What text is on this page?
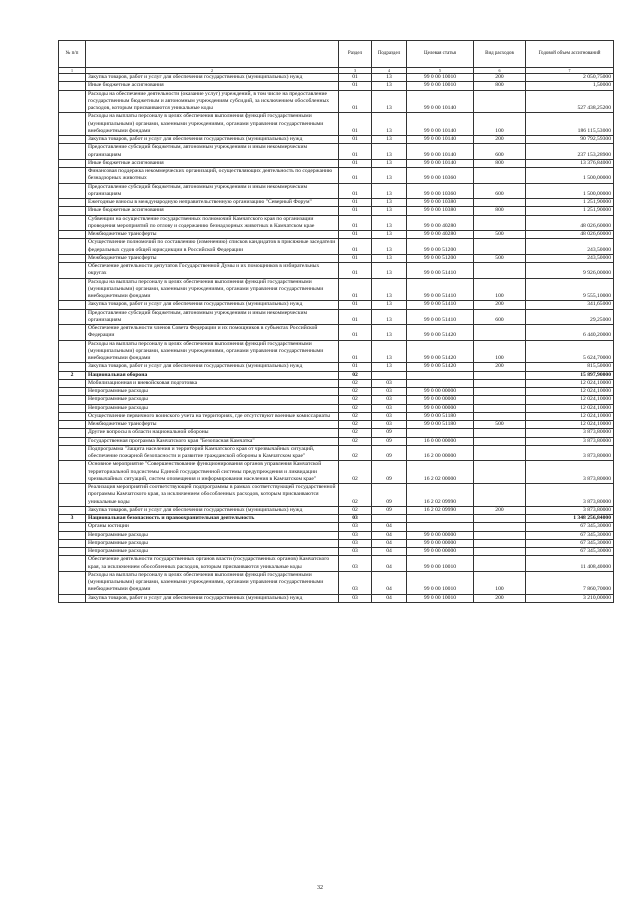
№ п/п		Раздел	Подраздел	Целевая статья	Вид расходов	Годовой объем ассигнований
1	2	3	4	5	6	7
	Закупка товаров, работ и услуг для обеспечения государственных (муниципальных) нужд	01	13	99 0 00 10010	200	2 050,75000
	Иные бюджетные ассигнования	01	13	99 0 00 10010	800	1,50000
	Расходы на обеспечение деятельности (оказание услуг) учреждений, в том числе на предоставление государственным бюджетным и автономным учреждениям субсидий, за исключением обособленных расходов, которым присваиваются уникальные коды	01	13	99 0 00 10140		527 438,25200
	Расходы на выплаты персоналу в целях обеспечения выполнения функций государственными (муниципальными) органами, казенными учреждениями, органами управления государственными внебюджетными фондами	01	13	99 0 00 10140	100	186 115,53000
	Закупка товаров, работ и услуг для обеспечения государственных (муниципальных) нужд	01	13	99 0 00 10140	200	90 792,59300
	Предоставление субсидий бюджетным, автономным учреждениям и иным некоммерческим организациям	01	13	99 0 00 10140	600	237 153,28900
	Иные бюджетные ассигнования	01	13	99 0 00 10140	800	13 376,84000
	Финансовая поддержка некоммерческих организаций, осуществляющих деятельность по содержанию безнадзорных животных	01	13	99 0 00 10360		1 500,00000
	Предоставление субсидий бюджетным, автономным учреждениям и иным некоммерческим организациям	01	13	99 0 00 10360	600	1 500,00000
	Ежегодные взносы в международную неправительственную организацию "Северный Форум"	01	13	99 0 00 10380		1 251,90000
	Иные бюджетные ассигнования	01	13	99 0 00 10380	800	1 251,90000
	Субвенции на осуществление государственных полномочий Камчатского края по организации проведения мероприятий по отлову и содержанию безнадзорных животных в Камчатском крае	01	13	99 0 00 40280		48 026,60000
	Межбюджетные трансферты	01	13	99 0 00 40280	500	48 026,60000
	Осуществление полномочий по составлению (изменению) списков кандидатов в присяжные заседатели федеральных судов общей юрисдикции в Российской Федерации	01	13	99 0 00 51200		243,50000
	Межбюджетные трансферты	01	13	99 0 00 51200	500	243,50000
	Обеспечение деятельности депутатов Государственной Думы и их помощников в избирательных округах	01	13	99 0 00 51410		9 926,00000
	Расходы на выплаты персоналу в целях обеспечения выполнения функций государственными (муниципальными) органами, казенными учреждениями, органами управления государственными внебюджетными фондами	01	13	99 0 00 51410	100	9 555,10000
	Закупка товаров, работ и услуг для обеспечения государственных (муниципальных) нужд	01	13	99 0 00 51410	200	341,65000
	Предоставление субсидий бюджетным, автономным учреждениям и иным некоммерческим организациям	01	13	99 0 00 51410	600	29,25000
	Обеспечение деятельности членов Совета Федерации и их помощников в субъектах Российской Федерации	01	13	99 0 00 51420		6 440,20000
	Расходы на выплаты персоналу в целях обеспечения выполнения функций государственными (муниципальными) органами, казенными учреждениями, органами управления государственными внебюджетными фондами	01	13	99 0 00 51420	100	5 624,70000
	Закупка товаров, работ и услуг для обеспечения государственных (муниципальных) нужд	01	13	99 0 00 51420	200	815,50000
2	Национальная оборона	02				15 897,90000
	Мобилизационная и вневойсковая подготовка	02	03			12 024,10000
	Непрограммные расходы	02	03	99 0 00 00000		12 024,10000
	Непрограммные расходы	02	03	99 0 00 00000		12 024,10000
	Непрограммные расходы	02	03	99 0 00 00000		12 024,10000
	Осуществление первичного воинского учета на территориях, где отсутствуют военные комиссариаты	02	03	99 0 00 51180		12 024,10000
	Межбюджетные трансферты	02	03	99 0 00 51180	500	12 024,10000
	Другие вопросы в области национальной обороны	02	09			3 873,80000
	Государственная программа Камчатского края "Безопасная Камчатка"	02	09	16 0 00 00000		3 873,80000
	Подпрограмма "Защита населения и территорий Камчатского края от чрезвычайных ситуаций, обеспечение пожарной безопасности и развитие гражданской обороны в Камчатском крае"	02	09	16 2 00 00000		3 873,80000
	Основное мероприятие "Совершенствование функционирования органов управления Камчатской территориальной подсистемы Единой государственной системы предупреждения и ликвидации чрезвычайных ситуаций, систем оповещения и информирования населения в Камчатском крае"	02	09	16 2 02 00000		3 873,80000
	Реализация мероприятий соответствующей подпрограммы в рамках соответствующей государственной программы Камчатского края, за исключением обособленных расходов, которым присваиваются уникальные коды	02	09	16 2 02 09990		3 873,80000
	Закупка товаров, работ и услуг для обеспечения государственных (муниципальных) нужд	02	09	16 2 02 09990	200	3 873,80000
3	Национальная безопасность и правоохранительная деятельность	03				1 348 256,84000
	Органы юстиции	03	04			67 345,30000
	Непрограммные расходы	03	04	99 0 00 00000		67 345,30000
	Непрограммные расходы	03	04	99 0 00 00000		67 345,30000
	Непрограммные расходы	03	04	99 0 00 00000		67 345,30000
	Обеспечение деятельности государственных органов власти (государственных органов) Камчатского края, за исключением обособленных расходов, которым присваиваются уникальные коды	03	04	99 0 00 10010		11 408,40000
	Расходы на выплаты персоналу в целях обеспечения выполнения функций государственными (муниципальными) органами, казенными учреждениями, органами управления государственными внебюджетными фондами	03	04	99 0 00 10010	100	7 860,70000
	Закупка товаров, работ и услуг для обеспечения государственных (муниципальных) нужд	03	04	99 0 00 10010	200	3 210,00000
32
